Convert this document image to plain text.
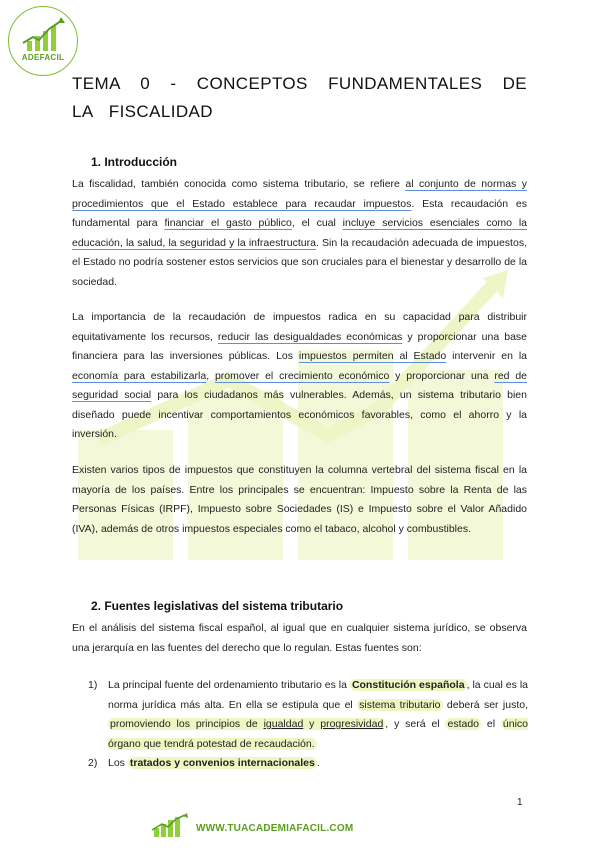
ADEFACIL
TEMA 0 - CONCEPTOS FUNDAMENTALES DE LA FISCALIDAD
1. Introducción
La fiscalidad, también conocida como sistema tributario, se refiere al conjunto de normas y procedimientos que el Estado establece para recaudar impuestos. Esta recaudación es fundamental para financiar el gasto público, el cual incluye servicios esenciales como la educación, la salud, la seguridad y la infraestructura. Sin la recaudación adecuada de impuestos, el Estado no podría sostener estos servicios que son cruciales para el bienestar y desarrollo de la sociedad.
La importancia de la recaudación de impuestos radica en su capacidad para distribuir equitativamente los recursos, reducir las desigualdades económicas y proporcionar una base financiera para las inversiones públicas. Los impuestos permiten al Estado intervenir en la economía para estabilizarla, promover el crecimiento económico y proporcionar una red de seguridad social para los ciudadanos más vulnerables. Además, un sistema tributario bien diseñado puede incentivar comportamientos económicos favorables, como el ahorro y la inversión.
Existen varios tipos de impuestos que constituyen la columna vertebral del sistema fiscal en la mayoría de los países. Entre los principales se encuentran: Impuesto sobre la Renta de las Personas Físicas (IRPF), Impuesto sobre Sociedades (IS) e Impuesto sobre el Valor Añadido (IVA), además de otros impuestos especiales como el tabaco, alcohol y combustibles.
2. Fuentes legislativas del sistema tributario
En el análisis del sistema fiscal español, al igual que en cualquier sistema jurídico, se observa una jerarquía en las fuentes del derecho que lo regulan. Estas fuentes son:
1) La principal fuente del ordenamiento tributario es la Constitución española , la cual es la norma jurídica más alta. En ella se estipula que el sistema tributario deberá ser justo, promoviendo los principios de igualdad y progresividad , y será el estado el único órgano que tendrá potestad de recaudación.
2) Los tratados y convenios internacionales .
1
WWW.TUACADEMIAFACIL.COM
